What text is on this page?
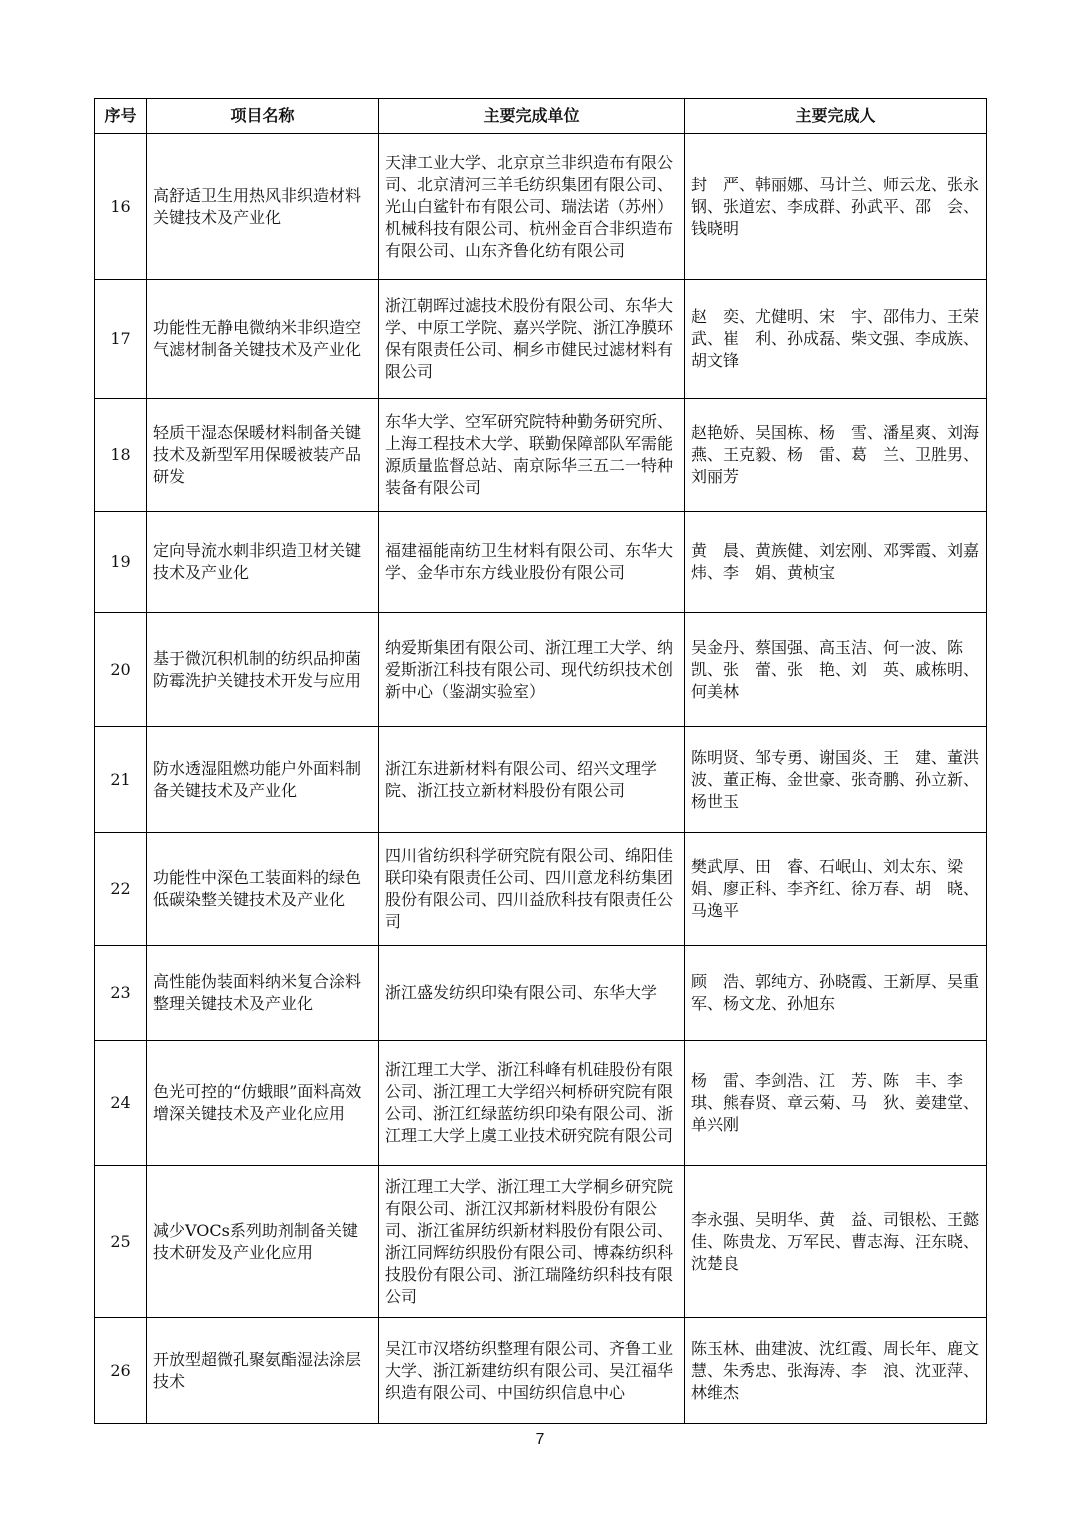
序号	项目名称	主要完成单位	主要完成人
16	高舒适卫生用热风非织造材料关键技术及产业化	天津工业大学、北京京兰非织造布有限公司、北京清河三羊毛纺织集团有限公司、光山白鲨针布有限公司、瑞法诺（苏州）机械科技有限公司、杭州金百合非织造布有限公司、山东齐鲁化纺有限公司	封　严、韩丽娜、马计兰、师云龙、张永钢、张道宏、李成群、孙武平、邵　会、钱晓明
17	功能性无静电微纳米非织造空气滤材制备关键技术及产业化	浙江朝晖过滤技术股份有限公司、东华大学、中原工学院、嘉兴学院、浙江净膜环保有限责任公司、桐乡市健民过滤材料有限公司	赵　奕、尤健明、宋　宇、邵伟力、王荣武、崔　利、孙成磊、柴文强、李成族、胡文锋
18	轻质干湿态保暖材料制备关键技术及新型军用保暖被装产品研发	东华大学、空军研究院特种勤务研究所、上海工程技术大学、联勤保障部队军需能源质量监督总站、南京际华三五二一特种装备有限公司	赵艳娇、吴国栋、杨　雪、潘星爽、刘海燕、王克毅、杨　雷、葛　兰、卫胜男、刘丽芳
19	定向导流水刺非织造卫材关键技术及产业化	福建福能南纺卫生材料有限公司、东华大学、金华市东方线业股份有限公司	黄　晨、黄族健、刘宏刚、邓霁霞、刘嘉炜、李　娟、黄桢宝
20	基于微沉积机制的纺织品抑菌防霉洗护关键技术开发与应用	纳爱斯集团有限公司、浙江理工大学、纳爱斯浙江科技有限公司、现代纺织技术创新中心（鉴湖实验室）	吴金丹、蔡国强、高玉洁、何一波、陈　凯、张　蕾、张　艳、刘　英、戚栋明、何美林
21	防水透湿阻燃功能户外面料制备关键技术及产业化	浙江东进新材料有限公司、绍兴文理学院、浙江技立新材料股份有限公司	陈明贤、邹专勇、谢国炎、王　建、董洪波、董正梅、金世豪、张奇鹏、孙立新、杨世玉
22	功能性中深色工装面料的绿色低碳染整关键技术及产业化	四川省纺织科学研究院有限公司、绵阳佳联印染有限责任公司、四川意龙科纺集团股份有限公司、四川益欣科技有限责任公司	樊武厚、田　睿、石岷山、刘太东、梁　娟、廖正科、李齐红、徐万春、胡　晓、马逸平
23	高性能伪装面料纳米复合涂料整理关键技术及产业化	浙江盛发纺织印染有限公司、东华大学	顾　浩、郭纯方、孙晓霞、王新厚、吴重军、杨文龙、孙旭东
24	色光可控的“仿蛾眼”面料高效增深关键技术及产业化应用	浙江理工大学、浙江科峰有机硅股份有限公司、浙江理工大学绍兴柯桥研究院有限公司、浙江红绿蓝纺织印染有限公司、浙江理工大学上虞工业技术研究院有限公司	杨　雷、李剑浩、江　芳、陈　丰、李　琪、熊春贤、章云菊、马　狄、姜建堂、单兴刚
25	减少VOCs系列助剂制备关键技术研发及产业化应用	浙江理工大学、浙江理工大学桐乡研究院有限公司、浙江汉邦新材料股份有限公司、浙江雀屏纺织新材料股份有限公司、浙江同辉纺织股份有限公司、博森纺织科技股份有限公司、浙江瑞隆纺织科技有限公司	李永强、吴明华、黄　益、司银松、王懿佳、陈贵龙、万军民、曹志海、汪东晓、沈楚良
26	开放型超微孔聚氨酯湿法涂层技术	吴江市汉塔纺织整理有限公司、齐鲁工业大学、浙江新建纺织有限公司、吴江福华织造有限公司、中国纺织信息中心	陈玉林、曲建波、沈红霞、周长年、鹿文慧、朱秀忠、张海涛、李　浪、沈亚萍、林维杰
7
